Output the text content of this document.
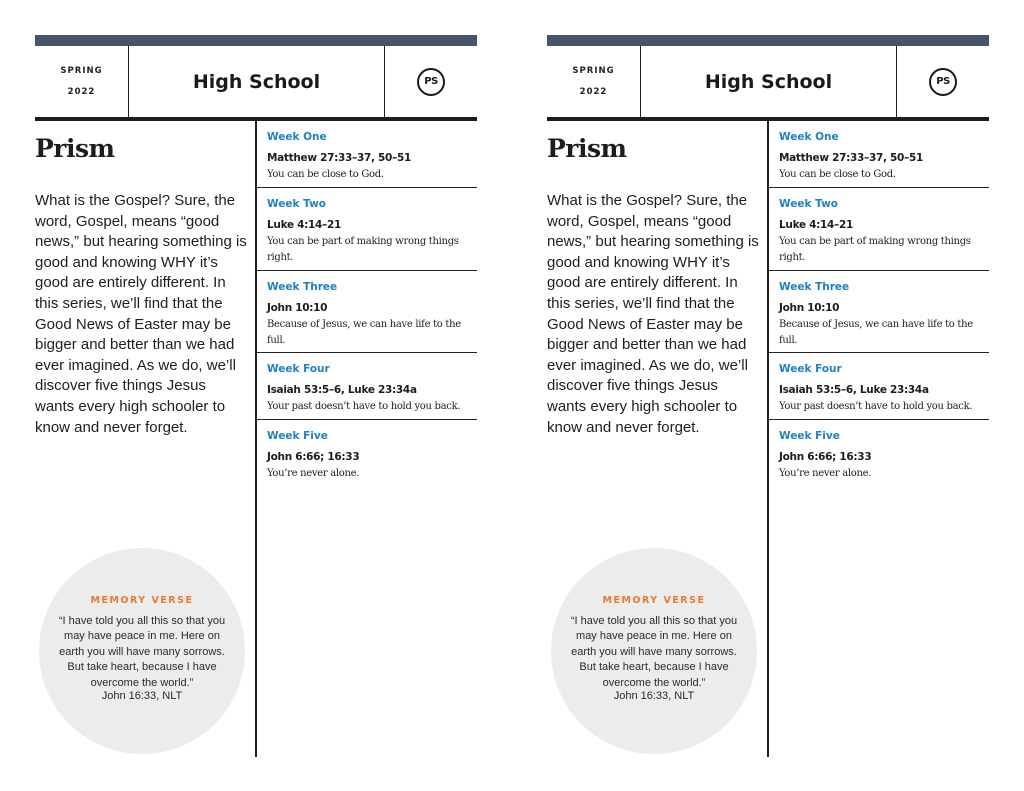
SPRING
2022	High School	PS
Prism

What is the Gospel? Sure, the word, Gospel, means “good news,” but hearing something is good and knowing WHY it’s good are entirely different. In this series, we’ll find that the Good News of Easter may be bigger and better than we had ever imagined. As we do, we’ll discover five things Jesus wants every high schooler to know and never forget.

MEMORY VERSE

“I have told you all this so that you may have peace in me. Here on earth you will have many sorrows. But take heart, because I have overcome the world.”

John 16:33, NLT
Week One
Matthew 27:33–37, 50–51
You can be close to God.
Week Two
Luke 4:14–21
You can be part of making wrong things right.
Week Three
John 10:10
Because of Jesus, we can have life to the full.
Week Four
Isaiah 53:5–6, Luke 23:34a
Your past doesn’t have to hold you back.
Week Five
John 6:66; 16:33
You’re never alone.
SPRING
2022	High School	PS
Prism

What is the Gospel? Sure, the word, Gospel, means “good news,” but hearing something is good and knowing WHY it’s good are entirely different. In this series, we’ll find that the Good News of Easter may be bigger and better than we had ever imagined. As we do, we’ll discover five things Jesus wants every high schooler to know and never forget.

MEMORY VERSE

“I have told you all this so that you may have peace in me. Here on earth you will have many sorrows. But take heart, because I have overcome the world.”

John 16:33, NLT
Week One
Matthew 27:33–37, 50–51
You can be close to God.
Week Two
Luke 4:14–21
You can be part of making wrong things right.
Week Three
John 10:10
Because of Jesus, we can have life to the full.
Week Four
Isaiah 53:5–6, Luke 23:34a
Your past doesn’t have to hold you back.
Week Five
John 6:66; 16:33
You’re never alone.
